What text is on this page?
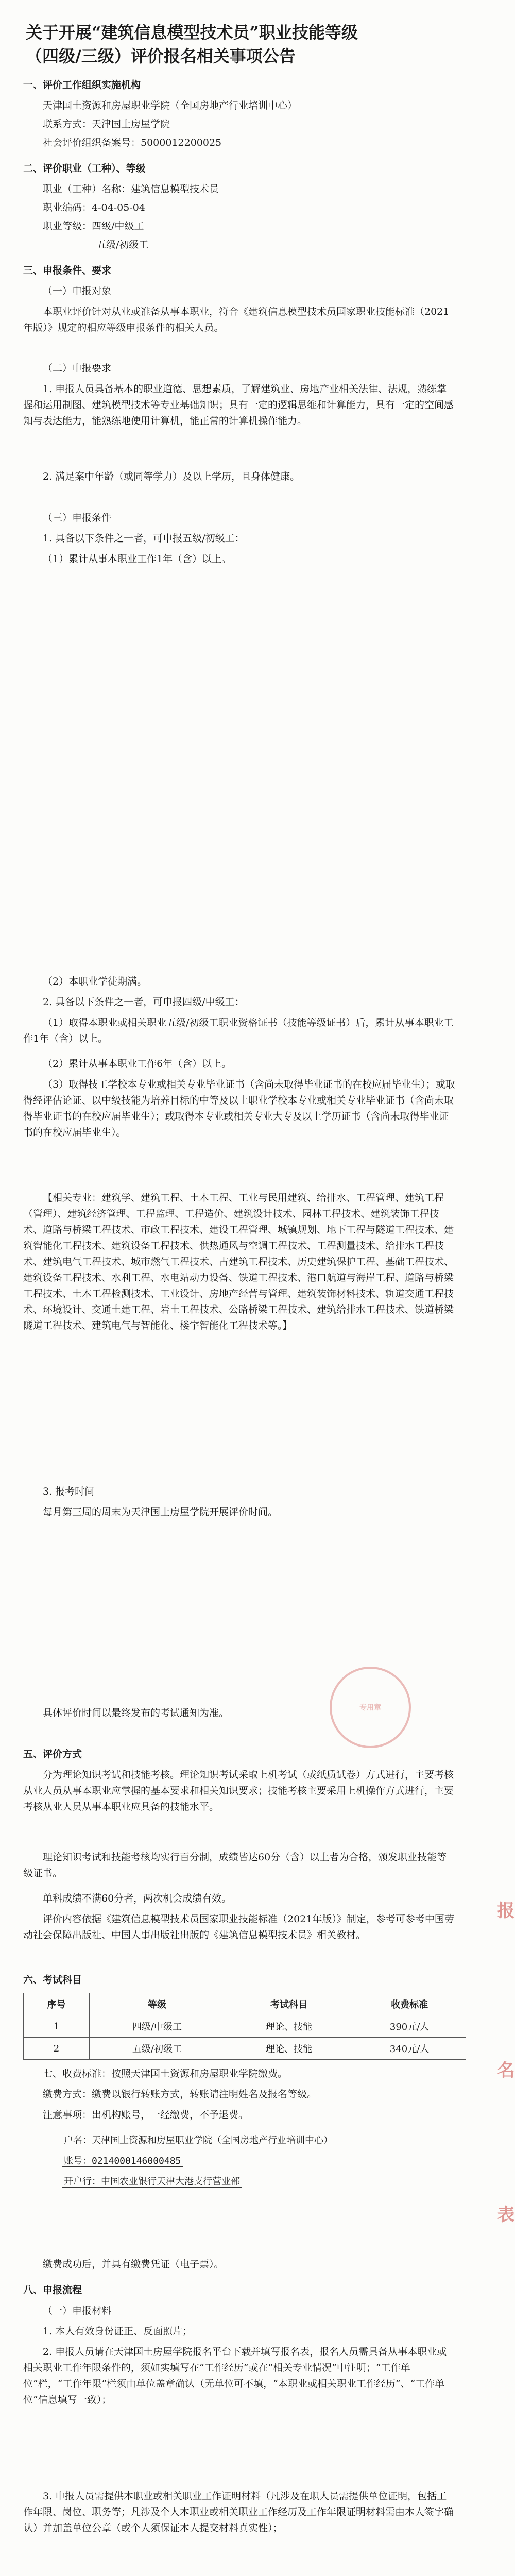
关于开展“建筑信息模型技术员”职业技能等级（四级/三级）评价报名相关事项公告
一、评价工作组织实施机构
天津国土资源和房屋职业学院（全国房地产行业培训中心）
联系方式：天津国土房屋学院
社会评价组织备案号：5000012200025
二、评价职业（工种）、等级
职业（工种）名称：建筑信息模型技术员
职业编码：4-04-05-04
职业等级：四级/中级工
五级/初级工
三、申报条件、要求
（一）申报对象
本职业评价针对从业或准备从事本职业，符合《建筑信息模型技术员国家职业技能标准（2021年版）》规定的相应等级申报条件的相关人员。
（二）申报要求
1. 申报人员具备基本的职业道德、思想素质，了解建筑业、房地产业相关法律、法规，熟练掌握和运用制图、建筑模型技术等专业基础知识；具有一定的逻辑思维和计算能力，具有一定的空间感知与表达能力，能熟练地使用计算机，能正常的计算机操作能力。
2. 满足案中年龄（或同等学力）及以上学历，且身体健康。
（三）申报条件
1. 具备以下条件之一者，可申报五级/初级工：
（1）累计从事本职业工作1年（含）以上。
（2）本职业学徒期满。
2. 具备以下条件之一者，可申报四级/中级工：
（1）取得本职业或相关职业五级/初级工职业资格证书（技能等级证书）后，累计从事本职业工作1年（含）以上。
（2）累计从事本职业工作6年（含）以上。
（3）取得技工学校本专业或相关专业毕业证书（含尚未取得毕业证书的在校应届毕业生）；或取得经评估论证、以中级技能为培养目标的中等及以上职业学校本专业或相关专业毕业证书（含尚未取得毕业证书的在校应届毕业生）；或取得本专业或相关专业大专及以上学历证书（含尚未取得毕业证书的在校应届毕业生）。
【相关专业：建筑学、建筑工程、土木工程、工业与民用建筑、给排水、工程管理、建筑工程（管理）、建筑经济管理、工程监理、工程造价、建筑设计技术、园林工程技术、建筑装饰工程技术、道路与桥梁工程技术、市政工程技术、建设工程管理、城镇规划、地下工程与隧道工程技术、建筑智能化工程技术、建筑设备工程技术、供热通风与空调工程技术、工程测量技术、给排水工程技术、建筑电气工程技术、城市燃气工程技术、古建筑工程技术、历史建筑保护工程、基础工程技术、建筑设备工程技术、水利工程、水电站动力设备、铁道工程技术、港口航道与海岸工程、道路与桥梁工程技术、土木工程检测技术、工业设计、房地产经营与管理、建筑装饰材料技术、轨道交通工程技术、环境设计、交通土建工程、岩土工程技术、公路桥梁工程技术、建筑给排水工程技术、铁道桥梁隧道工程技术、建筑电气与智能化、楼宇智能化工程技术等。】
3. 报考时间
每月第三周的周末为天津国土房屋学院开展评价时间。
具体评价时间以最终发布的考试通知为准。
五、评价方式
分为理论知识考试和技能考核。理论知识考试采取上机考试（或纸质试卷）方式进行，主要考核从业人员从事本职业应掌握的基本要求和相关知识要求；技能考核主要采用上机操作方式进行，主要考核从业人员从事本职业应具备的技能水平。
理论知识考试和技能考核均实行百分制，成绩皆达60分（含）以上者为合格，颁发职业技能等级证书。
单科成绩不满60分者，两次机会成绩有效。
评价内容依据《建筑信息模型技术员国家职业技能标准（2021年版）》制定，参考可参考中国劳动社会保障出版社、中国人事出版社出版的《建筑信息模型技术员》相关教材。
六、考试科目
序号	等级	考试科目	收费标准
1	四级/中级工	理论、技能	390元/人
2	五级/初级工	理论、技能	340元/人
七、收费标准：按照天津国土资源和房屋职业学院缴费。
缴费方式：缴费以银行转账方式，转账请注明姓名及报名等级。
注意事项：出机构账号，一经缴费，不予退费。
户名：天津国土资源和房屋职业学院（全国房地产行业培训中心）
账号：0214000146000485
开户行：中国农业银行天津大港支行营业部
缴费成功后，并具有缴费凭证（电子票）。
八、申报流程
（一）申报材料
1. 本人有效身份证正、反面照片；
2. 申报人员请在天津国土房屋学院报名平台下载并填写报名表，报名人员需具备从事本职业或相关职业工作年限条件的，须如实填写在“工作经历”或在“相关专业情况”中注明；“工作单位”栏，“工作年限”栏须由单位盖章确认（无单位可不填，“本职业或相关职业工作经历”、“工作单位”信息填写一致）；
3. 申报人员需提供本职业或相关职业工作证明材料（凡涉及在职人员需提供单位证明，包括工作年限、岗位、职务等；凡涉及个人本职业或相关职业工作经历及工作年限证明材料需由本人签字确认）并加盖单位公章（或个人须保证本人提交材料真实性）；
专用章
报
名
表
